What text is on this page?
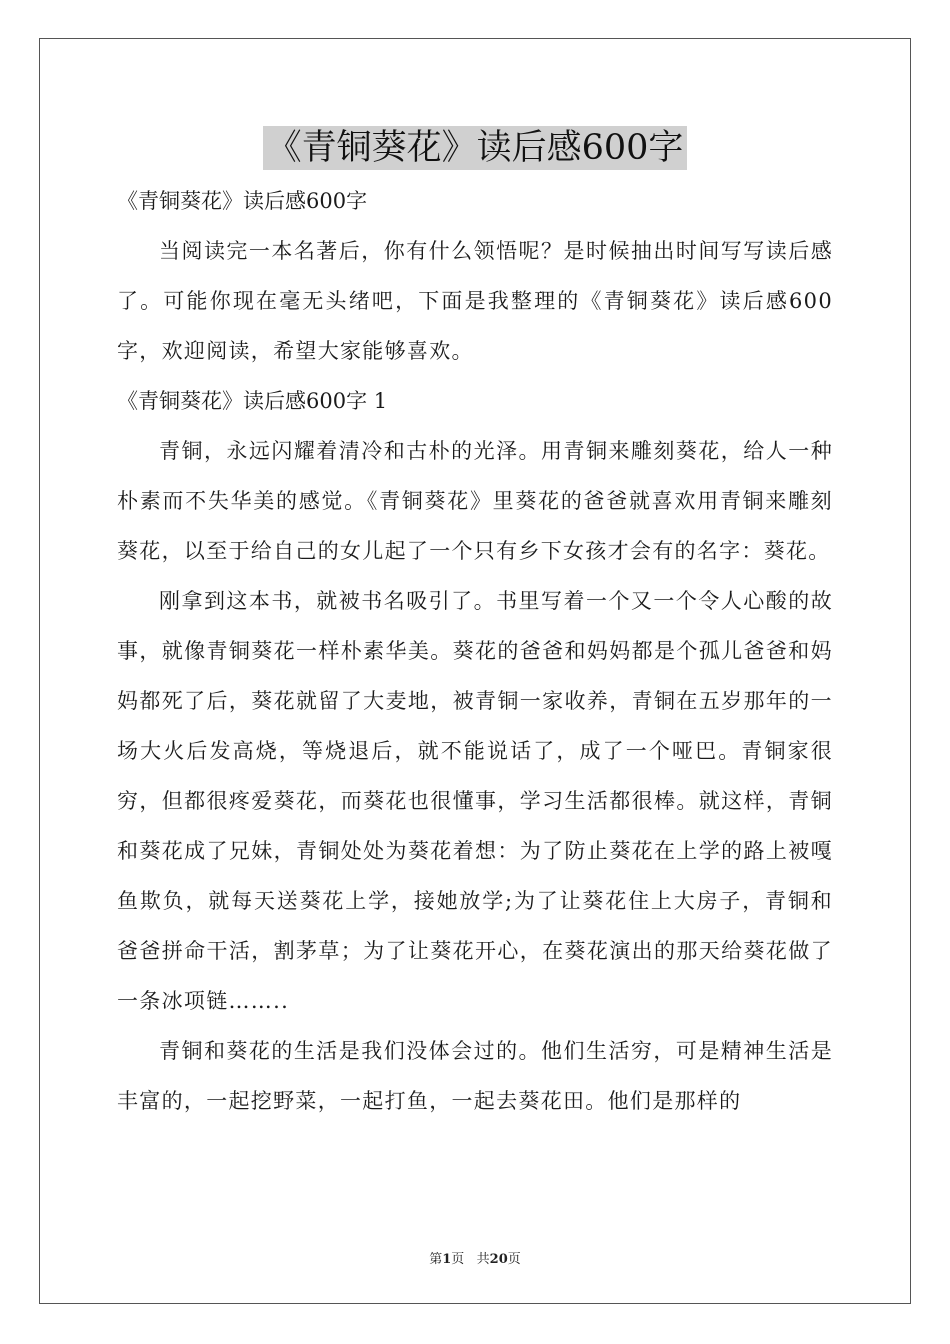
《青铜葵花》读后感600字

《青铜葵花》读后感600字

当阅读完一本名著后，你有什么领悟呢？是时候抽出时间写写读后感了。可能你现在毫无头绪吧，下面是我整理的《青铜葵花》读后感600字，欢迎阅读，希望大家能够喜欢。

《青铜葵花》读后感600字 1

青铜，永远闪耀着清冷和古朴的光泽。用青铜来雕刻葵花，给人一种朴素而不失华美的感觉。《青铜葵花》里葵花的爸爸就喜欢用青铜来雕刻葵花，以至于给自己的女儿起了一个只有乡下女孩才会有的名字：葵花。

刚拿到这本书，就被书名吸引了。书里写着一个又一个令人心酸的故事，就像青铜葵花一样朴素华美。葵花的爸爸和妈妈都是个孤儿爸爸和妈妈都死了后，葵花就留了大麦地，被青铜一家收养，青铜在五岁那年的一场大火后发高烧，等烧退后，就不能说话了，成了一个哑巴。青铜家很穷，但都很疼爱葵花，而葵花也很懂事，学习生活都很棒。就这样，青铜和葵花成了兄妹，青铜处处为葵花着想：为了防止葵花在上学的路上被嘎鱼欺负，就每天送葵花上学，接她放学;为了让葵花住上大房子，青铜和爸爸拼命干活，割茅草；为了让葵花开心，在葵花演出的那天给葵花做了一条冰项链……..

青铜和葵花的生活是我们没体会过的。他们生活穷，可是精神生活是丰富的，一起挖野菜，一起打鱼，一起去葵花田。他们是那样的

第1页   共20页
